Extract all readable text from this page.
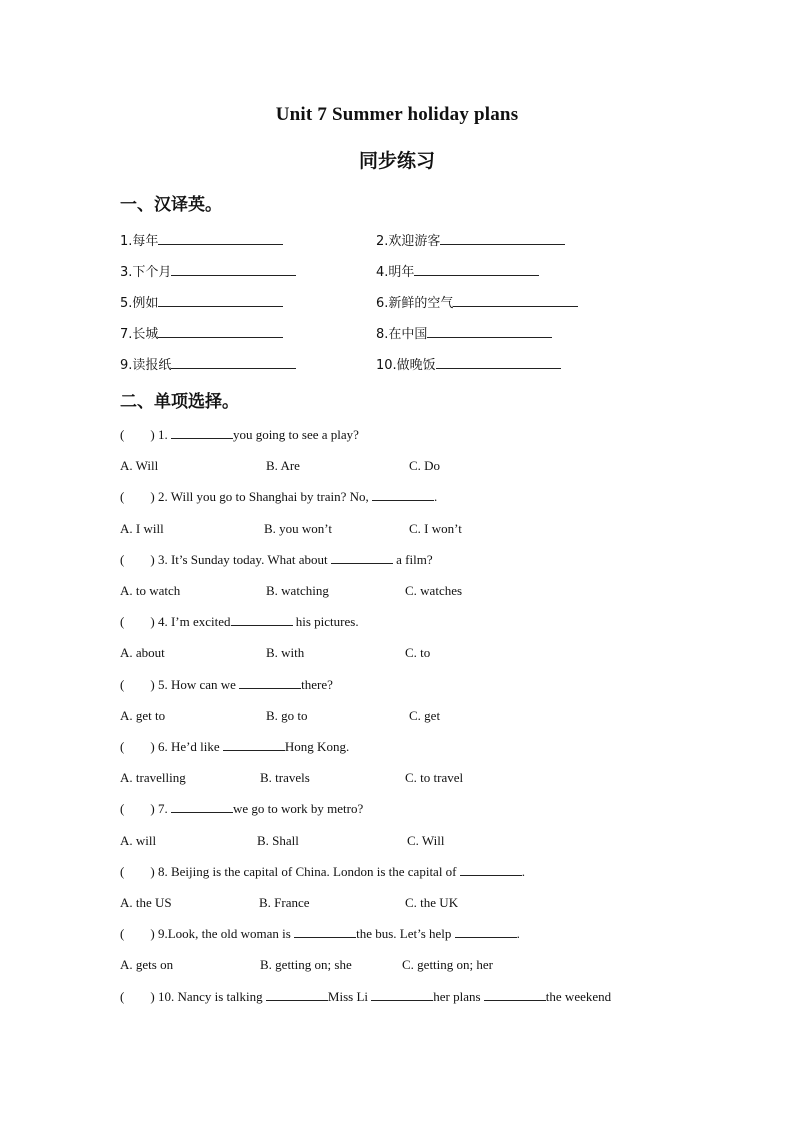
Unit 7 Summer holiday plans
同步练习
一、汉译英。
1.每年	2.欢迎游客
3.下个月	4.明年
5.例如	6.新鲜的空气
7.长城	8.在中国
9.读报纸	10.做晚饭
二、单项选择。
( ) 1.	you going to see a play?
A. Will	B. Are	C. Do
( ) 2. Will you go to Shanghai by train? No,	.
A. I will	B. you won’t	C. I won’t
( ) 3. It’s Sunday today. What about	a film?
A. to watch	B. watching	C. watches
( ) 4. I’m excited	his pictures.
A. about	B. with	C. to
( ) 5. How can we	there?
A. get to	B. go to	C. get
( ) 6. He’d like	Hong Kong.
A. travelling	B. travels	C. to travel
( ) 7.	we go to work by metro?
A. will	B. Shall	C. Will
( ) 8. Beijing is the capital of China. London is the capital of	.
A. the US	B. France	C. the UK
( ) 9.Look, the old woman is	the bus. Let’s help	.
A. gets on	B. getting on; she	C. getting on; her
( ) 10. Nancy is talking	Miss Li	her plans	the weekend
